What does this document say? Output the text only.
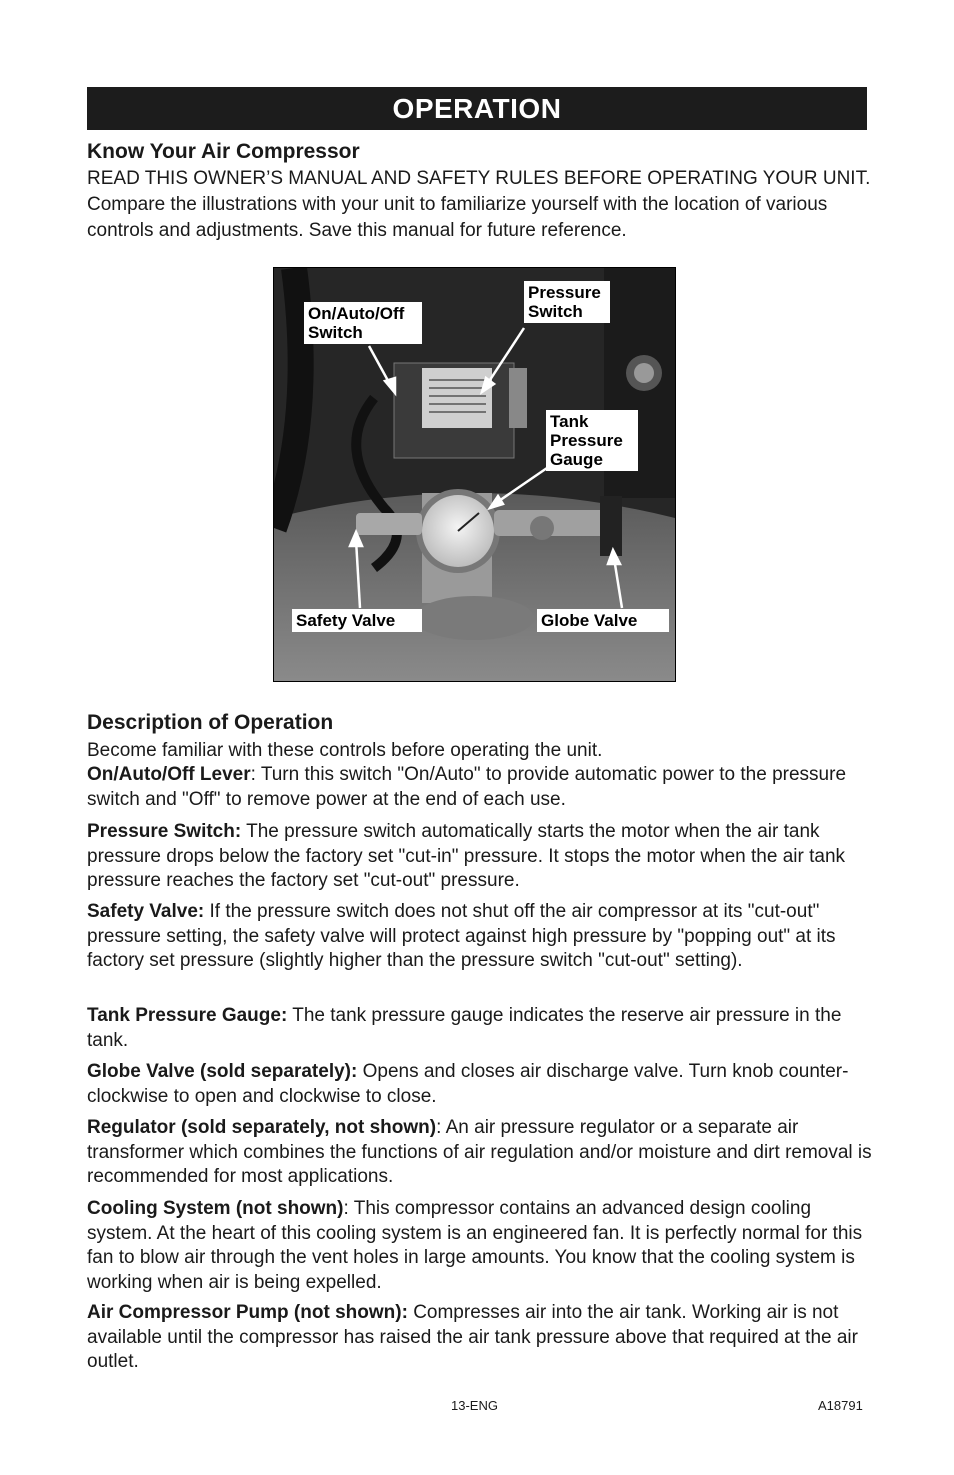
OPERATION
Know Your Air Compressor

READ THIS OWNER’S MANUAL AND SAFETY RULES BEFORE OPERATING YOUR UNIT. Compare the illustrations with your unit to familiarize yourself with the location of various controls and adjustments. Save this manual for future reference.

On/Auto/Off Switch
Pressure Switch
Tank Pressure Gauge
Safety Valve	Globe Valve
Description of Operation

Become familiar with these controls before operating the unit.

On/Auto/Off Lever: Turn this switch "On/Auto" to provide automatic power to the pressure switch and "Off" to remove power at the end of each use.

Pressure Switch: The pressure switch automatically starts the motor when the air tank pressure drops below the factory set "cut-in" pressure. It stops the motor when the air tank pressure reaches the factory set "cut-out" pressure.

Safety Valve: If the pressure switch does not shut off the air compressor at its "cut-out" pressure setting, the safety valve will protect against high pressure by "popping out" at its factory set pressure (slightly higher than the pressure switch "cut-out" setting).

Tank Pressure Gauge: The tank pressure gauge indicates the reserve air pressure in the tank.

Globe Valve (sold separately): Opens and closes air discharge valve. Turn knob counter-clockwise to open and clockwise to close.

Regulator (sold separately, not shown): An air pressure regulator or a separate air transformer which combines the functions of air regulation and/or moisture and dirt removal is recommended for most applications.

Cooling System (not shown): This compressor contains an advanced design cooling system. At the heart of this cooling system is an engineered fan. It is perfectly normal for this fan to blow air through the vent holes in large amounts. You know that the cooling system is working when air is being expelled.

Air Compressor Pump (not shown): Compresses air into the air tank. Working air is not available until the compressor has raised the air tank pressure above that required at the air outlet.

13-ENG	A18791
